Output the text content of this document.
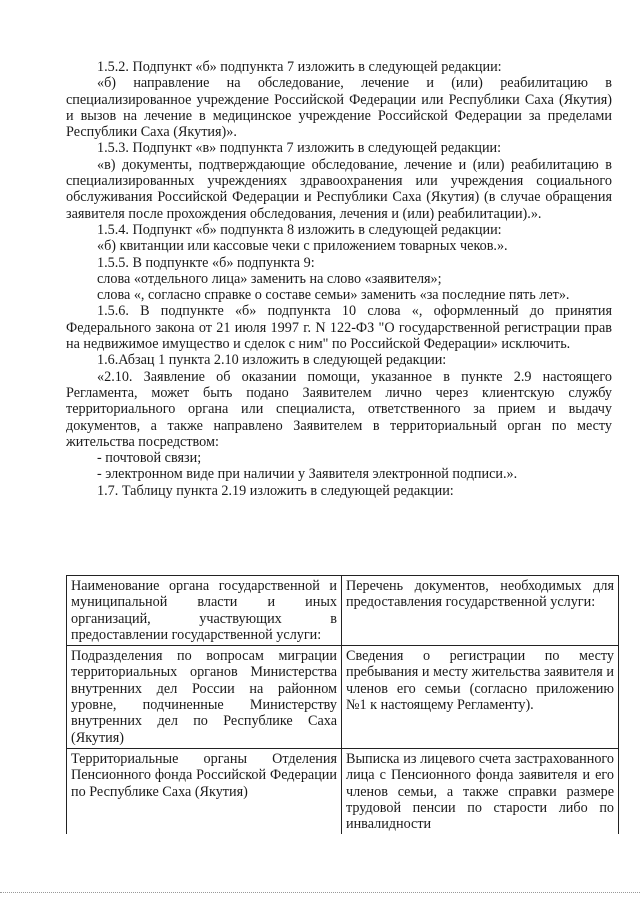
1.5.2. Подпункт «б» подпункта 7 изложить в следующей редакции:

«б) направление на обследование, лечение и (или) реабилитацию в специализированное учреждение Российской Федерации или Республики Саха (Якутия) и вызов на лечение в медицинское учреждение Российской Федерации за пределами Республики Саха (Якутия)».

1.5.3. Подпункт «в» подпункта 7 изложить в следующей редакции:

«в) документы, подтверждающие обследование, лечение и (или) реабилитацию в специализированных учреждениях здравоохранения или учреждения социального обслуживания Российской Федерации и Республики Саха (Якутия) (в случае обращения заявителя после прохождения обследования, лечения и (или) реабилитации).».

1.5.4. Подпункт «б» подпункта 8 изложить в следующей редакции:

«б) квитанции или кассовые чеки с приложением товарных чеков.».

1.5.5. В подпункте «б» подпункта 9:

слова «отдельного лица» заменить на слово «заявителя»;

слова «, согласно справке о составе семьи» заменить «за последние пять лет».

1.5.6. В подпункте «б» подпункта 10 слова «, оформленный до принятия Федерального закона от 21 июля 1997 г. N 122-ФЗ "О государственной регистрации прав на недвижимое имущество и сделок с ним" по Российской Федерации» исключить.

1.6.Абзац 1 пункта 2.10 изложить в следующей редакции:

«2.10. Заявление об оказании помощи, указанное в пункте 2.9 настоящего Регламента, может быть подано Заявителем лично через клиентскую службу территориального органа или специалиста, ответственного за прием и выдачу документов, а также направлено Заявителем в территориальный орган по месту жительства посредством:

- почтовой связи;

- электронном виде при наличии у Заявителя электронной подписи.».

1.7. Таблицу пункта 2.19 изложить в следующей редакции:

Наименование органа государственной и муниципальной власти и иных организаций, участвующих в предоставлении государственной услуги:	Перечень документов, необходимых для предоставления государственной услуги:
Подразделения по вопросам миграции территориальных органов Министерства внутренних дел России на районном уровне, подчиненные Министерству внутренних дел по Республике Саха (Якутия)	Сведения о регистрации по месту пребывания и месту жительства заявителя и членов его семьи (согласно приложению №1 к настоящему Регламенту).
Территориальные органы Отделения Пенсионного фонда Российской Федерации по Республике Саха (Якутия)	Выписка из лицевого счета застрахованного лица с Пенсионного фонда заявителя и его членов семьи, а также справки размере трудовой пенсии по старости либо по инвалидности
